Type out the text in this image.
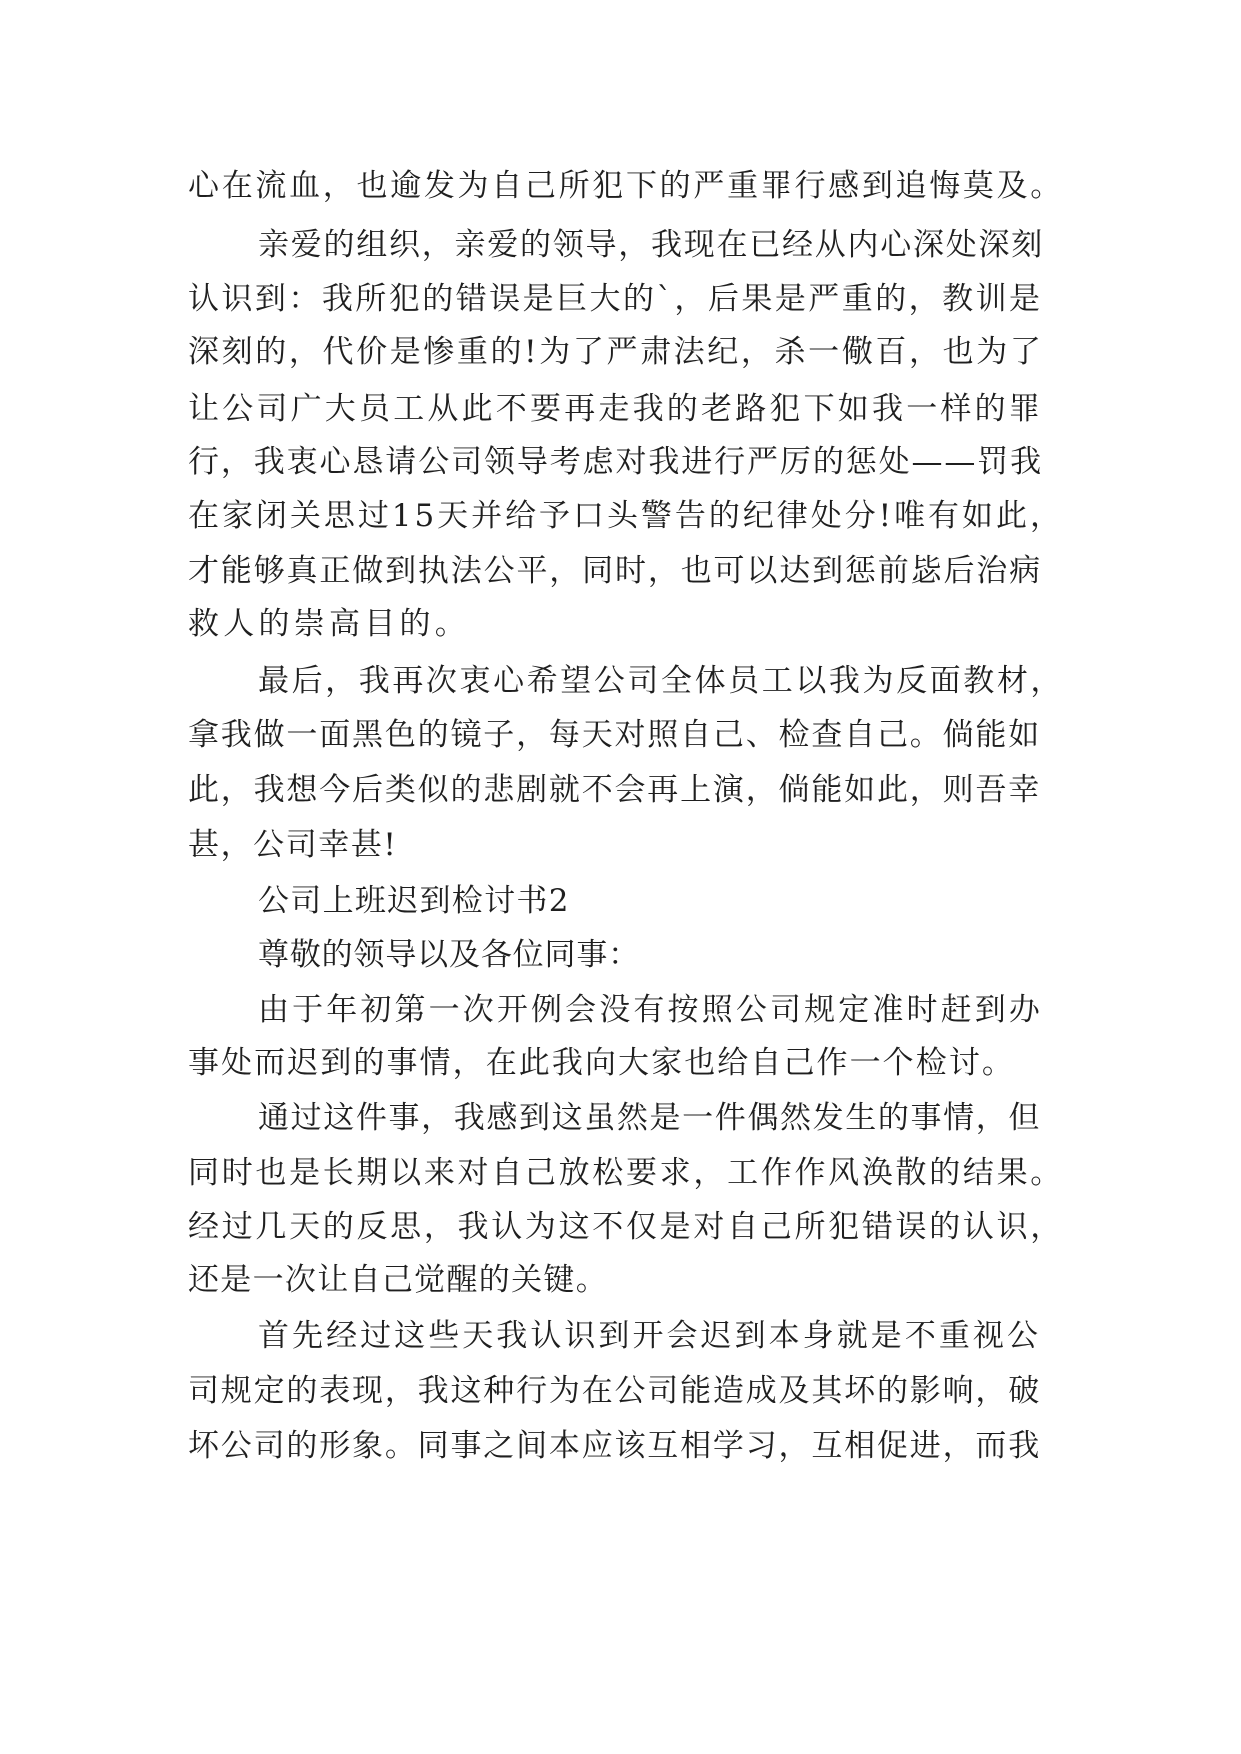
心在流血，也逾发为自己所犯下的严重罪行感到追悔莫及。
亲爱的组织，亲爱的领导，我现在已经从内心深处深刻
认识到：我所犯的错误是巨大的`，后果是严重的，教训是
深刻的，代价是惨重的!为了严肃法纪，杀一儆百，也为了
让公司广大员工从此不要再走我的老路犯下如我一样的罪
行，我衷心恳请公司领导考虑对我进行严厉的惩处——罚我
在家闭关思过15天并给予口头警告的纪律处分!唯有如此，
才能够真正做到执法公平，同时，也可以达到惩前毖后治病
救人的崇高目的。
最后，我再次衷心希望公司全体员工以我为反面教材，
拿我做一面黑色的镜子，每天对照自己、检查自己。倘能如
此，我想今后类似的悲剧就不会再上演，倘能如此，则吾幸
甚，公司幸甚!
公司上班迟到检讨书2
尊敬的领导以及各位同事：
由于年初第一次开例会没有按照公司规定准时赶到办
事处而迟到的事情，在此我向大家也给自己作一个检讨。
通过这件事，我感到这虽然是一件偶然发生的事情，但
同时也是长期以来对自己放松要求，工作作风涣散的结果。
经过几天的反思，我认为这不仅是对自己所犯错误的认识，
还是一次让自己觉醒的关键。
首先经过这些天我认识到开会迟到本身就是不重视公
司规定的表现，我这种行为在公司能造成及其坏的影响，破
坏公司的形象。同事之间本应该互相学习，互相促进，而我
